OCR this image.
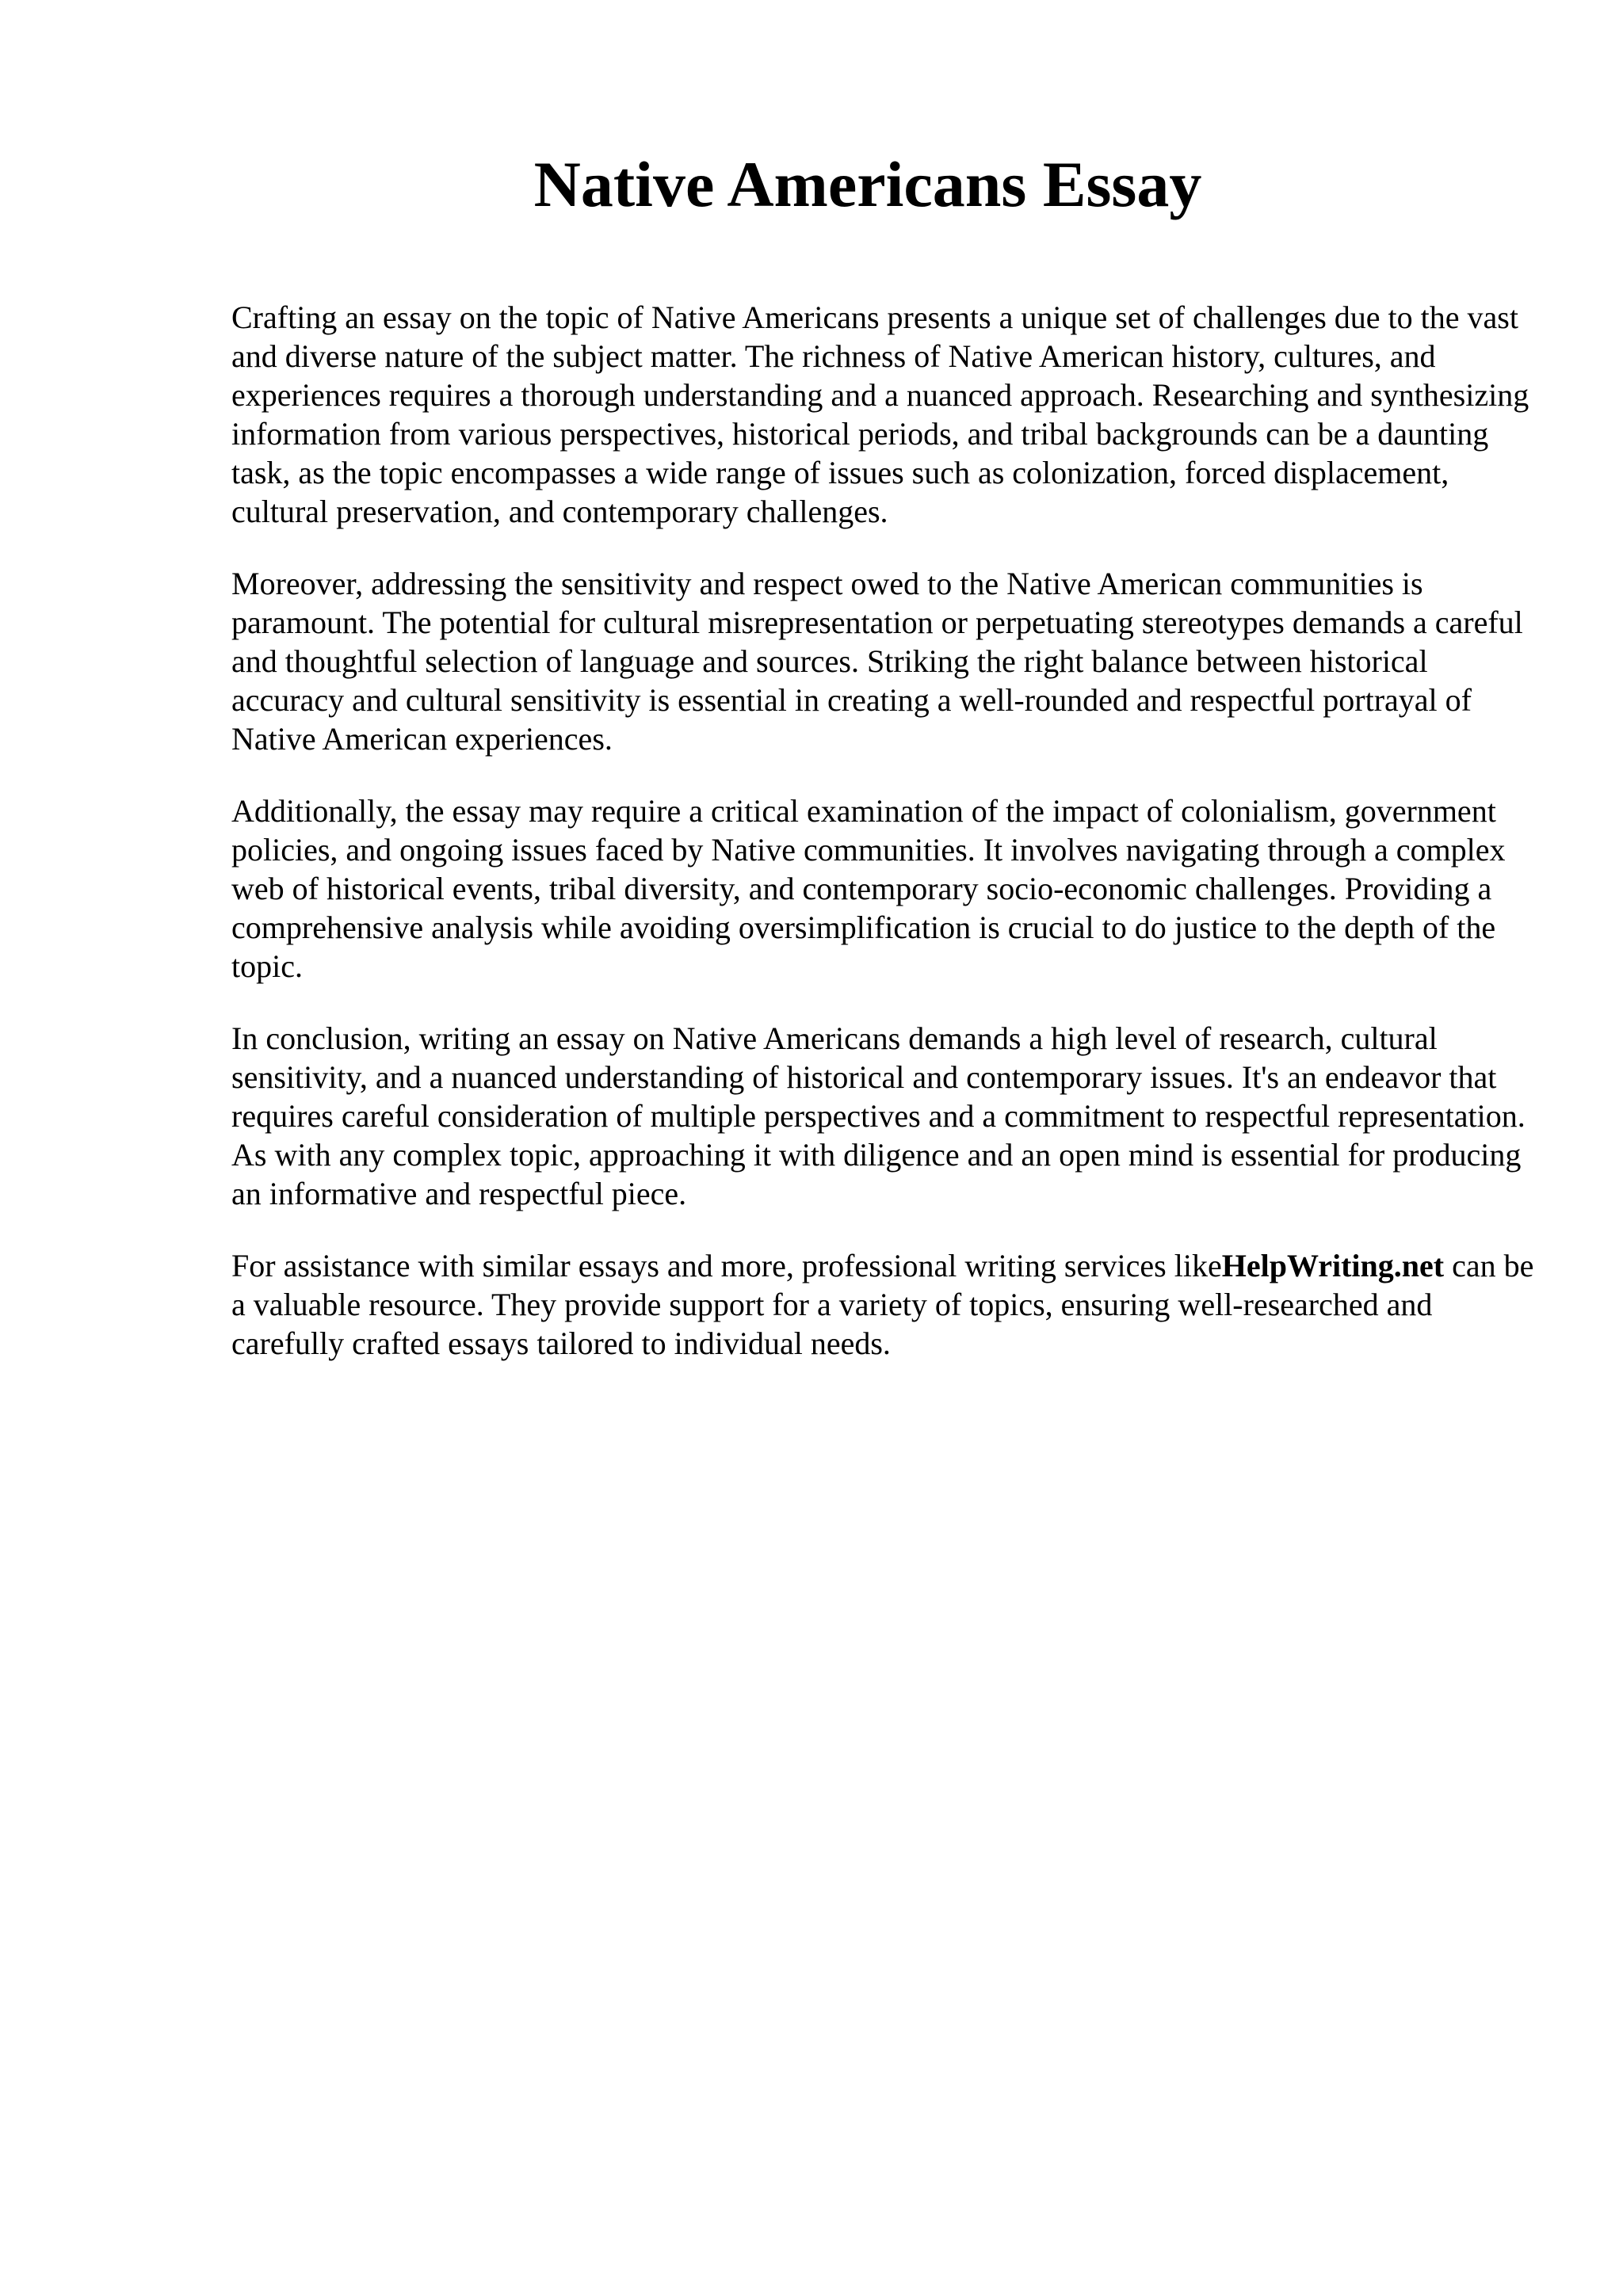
Native Americans Essay

Crafting an essay on the topic of Native Americans presents a unique set of challenges due to the vast and diverse nature of the subject matter. The richness of Native American history, cultures, and experiences requires a thorough understanding and a nuanced approach. Researching and synthesizing information from various perspectives, historical periods, and tribal backgrounds can be a daunting task, as the topic encompasses a wide range of issues such as colonization, forced displacement, cultural preservation, and contemporary challenges.

Moreover, addressing the sensitivity and respect owed to the Native American communities is paramount. The potential for cultural misrepresentation or perpetuating stereotypes demands a careful and thoughtful selection of language and sources. Striking the right balance between historical accuracy and cultural sensitivity is essential in creating a well-rounded and respectful portrayal of Native American experiences.

Additionally, the essay may require a critical examination of the impact of colonialism, government policies, and ongoing issues faced by Native communities. It involves navigating through a complex web of historical events, tribal diversity, and contemporary socio-economic challenges. Providing a comprehensive analysis while avoiding oversimplification is crucial to do justice to the depth of the topic.

In conclusion, writing an essay on Native Americans demands a high level of research, cultural sensitivity, and a nuanced understanding of historical and contemporary issues. It's an endeavor that requires careful consideration of multiple perspectives and a commitment to respectful representation. As with any complex topic, approaching it with diligence and an open mind is essential for producing an informative and respectful piece.

For assistance with similar essays and more, professional writing services likeHelpWriting.net can be a valuable resource. They provide support for a variety of topics, ensuring well-researched and carefully crafted essays tailored to individual needs.
